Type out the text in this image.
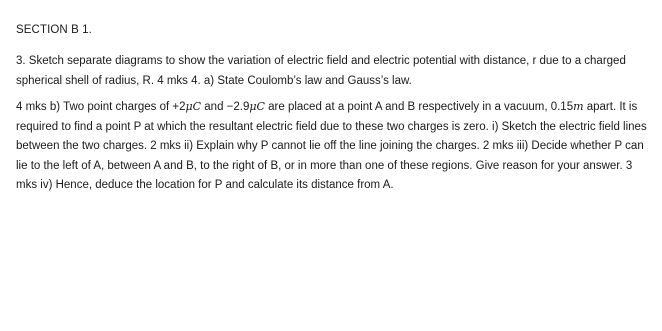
SECTION B 1.

3. Sketch separate diagrams to show the variation of electric field and electric potential with distance, r due to a charged spherical shell of radius, R. 4 mks 4. a) State Coulomb’s law and Gauss’s law.

4 mks b) Two point charges of +2μC and −2.9μC are placed at a point A and B respectively in a vacuum, 0.15m apart. It is required to find a point P at which the resultant electric field due to these two charges is zero. i) Sketch the electric field lines between the two charges. 2 mks ii) Explain why P cannot lie off the line joining the charges. 2 mks iii) Decide whether P can lie to the left of A, between A and B, to the right of B, or in more than one of these regions. Give reason for your answer. 3 mks iv) Hence, deduce the location for P and calculate its distance from A.
